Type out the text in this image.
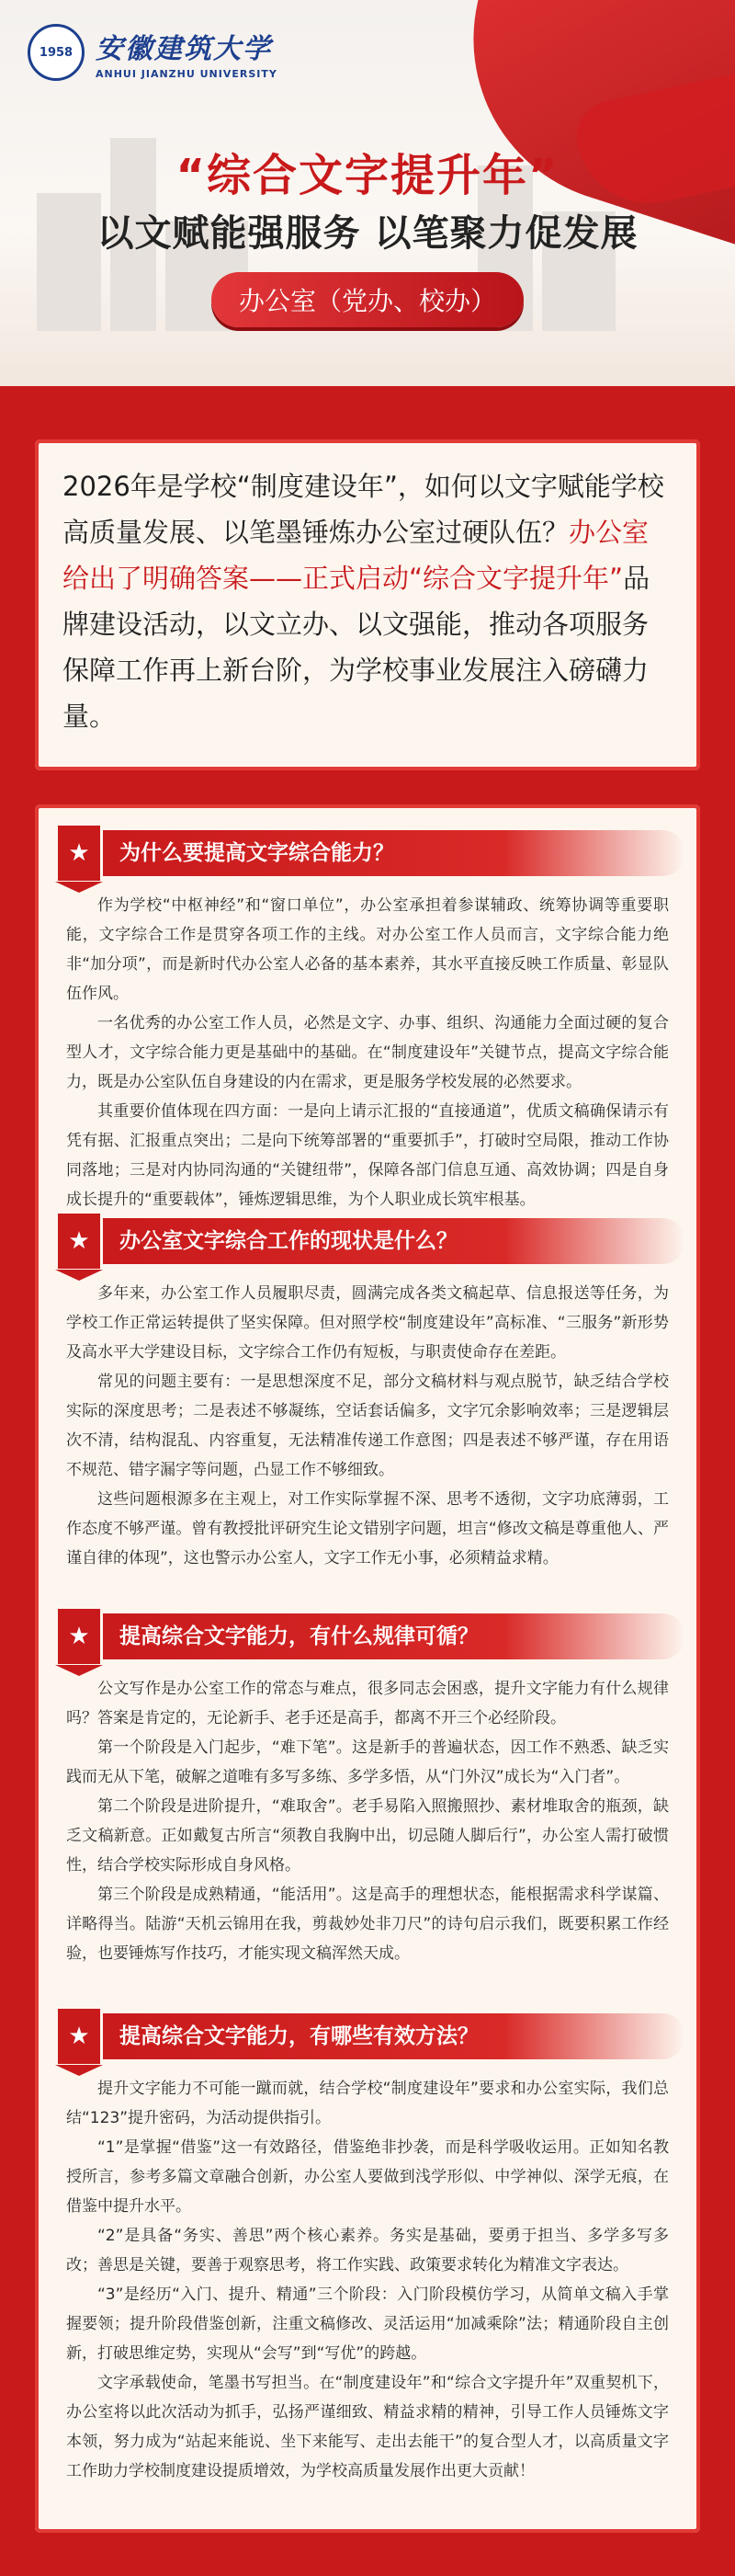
1958 安徽建筑大学
ANHUI JIANZHU UNIVERSITY
“综合文字提升年”
以文赋能强服务 以笔聚力促发展
办公室（党办、校办）
2026年是学校“制度建设年”，如何以文字赋能学校高质量发展、以笔墨锤炼办公室过硬队伍？办公室给出了明确答案——正式启动“综合文字提升年”品牌建设活动，以文立办、以文强能，推动各项服务保障工作再上新台阶，为学校事业发展注入磅礴力量。
★	为什么要提高文字综合能力？

作为学校“中枢神经”和“窗口单位”，办公室承担着参谋辅政、统筹协调等重要职能，文字综合工作是贯穿各项工作的主线。对办公室工作人员而言，文字综合能力绝非“加分项”，而是新时代办公室人必备的基本素养，其水平直接反映工作质量、彰显队伍作风。

一名优秀的办公室工作人员，必然是文字、办事、组织、沟通能力全面过硬的复合型人才，文字综合能力更是基础中的基础。在“制度建设年”关键节点，提高文字综合能力，既是办公室队伍自身建设的内在需求，更是服务学校发展的必然要求。

其重要价值体现在四方面：一是向上请示汇报的“直接通道”，优质文稿确保请示有凭有据、汇报重点突出；二是向下统筹部署的“重要抓手”，打破时空局限，推动工作协同落地；三是对内协同沟通的“关键纽带”，保障各部门信息互通、高效协调；四是自身成长提升的“重要载体”，锤炼逻辑思维，为个人职业成长筑牢根基。

★	办公室文字综合工作的现状是什么？

多年来，办公室工作人员履职尽责，圆满完成各类文稿起草、信息报送等任务，为学校工作正常运转提供了坚实保障。但对照学校“制度建设年”高标准、“三服务”新形势及高水平大学建设目标，文字综合工作仍有短板，与职责使命存在差距。

常见的问题主要有：一是思想深度不足，部分文稿材料与观点脱节，缺乏结合学校实际的深度思考；二是表述不够凝练，空话套话偏多，文字冗余影响效率；三是逻辑层次不清，结构混乱、内容重复，无法精准传递工作意图；四是表述不够严谨，存在用语不规范、错字漏字等问题，凸显工作不够细致。

这些问题根源多在主观上，对工作实际掌握不深、思考不透彻，文字功底薄弱，工作态度不够严谨。曾有教授批评研究生论文错别字问题，坦言“修改文稿是尊重他人、严谨自律的体现”，这也警示办公室人，文字工作无小事，必须精益求精。

★	提高综合文字能力，有什么规律可循？

公文写作是办公室工作的常态与难点，很多同志会困惑，提升文字能力有什么规律吗？答案是肯定的，无论新手、老手还是高手，都离不开三个必经阶段。

第一个阶段是入门起步，“难下笔”。这是新手的普遍状态，因工作不熟悉、缺乏实践而无从下笔，破解之道唯有多写多练、多学多悟，从“门外汉”成长为“入门者”。

第二个阶段是进阶提升，“难取舍”。老手易陷入照搬照抄、素材堆取舍的瓶颈，缺乏文稿新意。正如戴复古所言“须教自我胸中出，切忌随人脚后行”，办公室人需打破惯性，结合学校实际形成自身风格。

第三个阶段是成熟精通，“能活用”。这是高手的理想状态，能根据需求科学谋篇、详略得当。陆游“天机云锦用在我，剪裁妙处非刀尺”的诗句启示我们，既要积累工作经验，也要锤炼写作技巧，才能实现文稿浑然天成。

★	提高综合文字能力，有哪些有效方法？

提升文字能力不可能一蹴而就，结合学校“制度建设年”要求和办公室实际，我们总结“123”提升密码，为活动提供指引。

“1”是掌握“借鉴”这一有效路径，借鉴绝非抄袭，而是科学吸收运用。正如知名教授所言，参考多篇文章融合创新，办公室人要做到浅学形似、中学神似、深学无痕，在借鉴中提升水平。

“2”是具备“务实、善思”两个核心素养。务实是基础，要勇于担当、多学多写多改；善思是关键，要善于观察思考，将工作实践、政策要求转化为精准文字表达。

“3”是经历“入门、提升、精通”三个阶段：入门阶段模仿学习，从简单文稿入手掌握要领；提升阶段借鉴创新，注重文稿修改、灵活运用“加减乘除”法；精通阶段自主创新，打破思维定势，实现从“会写”到“写优”的跨越。

文字承载使命，笔墨书写担当。在“制度建设年”和“综合文字提升年”双重契机下，办公室将以此次活动为抓手，弘扬严谨细致、精益求精的精神，引导工作人员锤炼文字本领，努力成为“站起来能说、坐下来能写、走出去能干”的复合型人才，以高质量文字工作助力学校制度建设提质增效，为学校高质量发展作出更大贡献！
